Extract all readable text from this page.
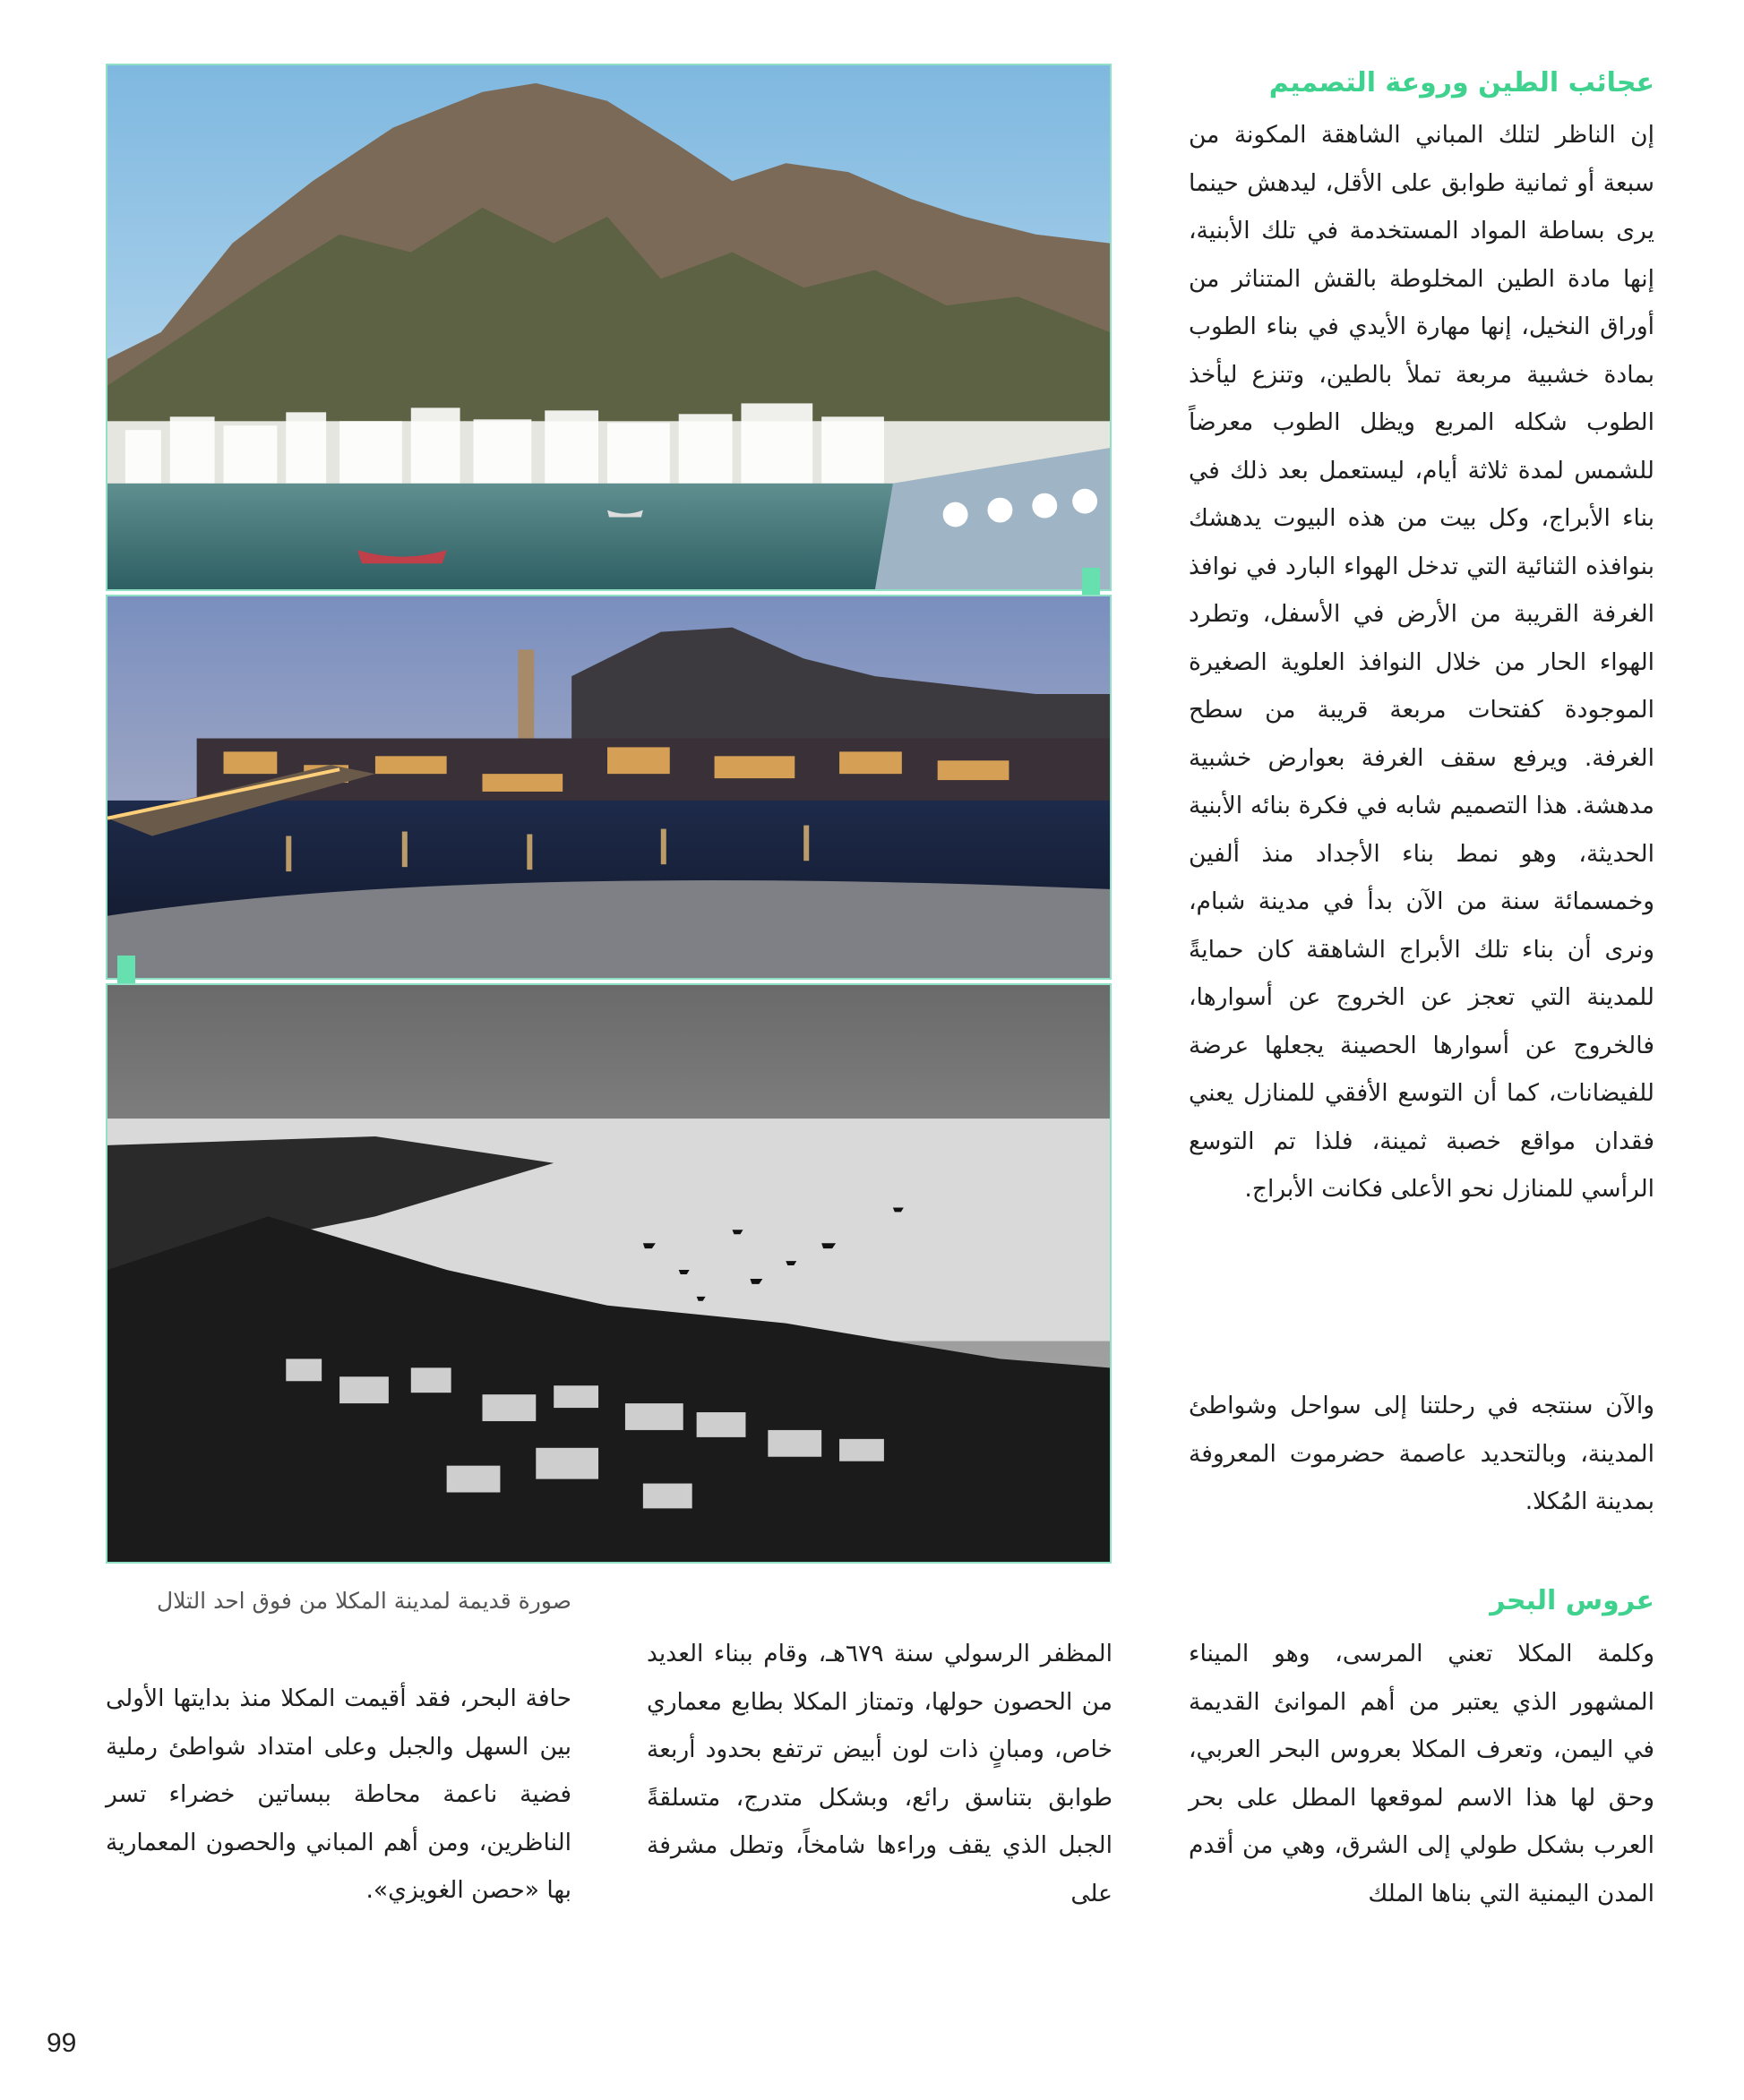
صورة قديمة لمدينة المكلا من فوق احد التلال
عجائب الطين وروعة التصميم
إن الناظر لتلك المباني الشاهقة المكونة من سبعة أو ثمانية طوابق على الأقل، ليدهش حينما يرى بساطة المواد المستخدمة في تلك الأبنية، إنها مادة الطين المخلوطة بالقش المتناثر من أوراق النخيل، إنها مهارة الأيدي في بناء الطوب بمادة خشبية مربعة تملأ بالطين، وتنزع ليأخذ الطوب شكله المربع ويظل الطوب معرضاً للشمس لمدة ثلاثة أيام، ليستعمل بعد ذلك في بناء الأبراج، وكل بيت من هذه البيوت يدهشك بنوافذه الثنائية التي تدخل الهواء البارد في نوافذ الغرفة القريبة من الأرض في الأسفل، وتطرد الهواء الحار من خلال النوافذ العلوية الصغيرة الموجودة كفتحات مربعة قريبة من سطح الغرفة. ويرفع سقف الغرفة بعوارض خشبية مدهشة. هذا التصميم شابه في فكرة بنائه الأبنية الحديثة، وهو نمط بناء الأجداد منذ ألفين وخمسمائة سنة من الآن بدأ في مدينة شبام، ونرى أن بناء تلك الأبراج الشاهقة كان حمايةً للمدينة التي تعجز عن الخروج عن أسوارها، فالخروج عن أسوارها الحصينة يجعلها عرضة للفيضانات، كما أن التوسع الأفقي للمنازل يعني فقدان مواقع خصبة ثمينة، فلذا تم التوسع الرأسي للمنازل نحو الأعلى فكانت الأبراج.
والآن سنتجه في رحلتنا إلى سواحل وشواطئ المدينة، وبالتحديد عاصمة حضرموت المعروفة بمدينة المُكلا.
عروس البحر
وكلمة المكلا تعني المرسى، وهو الميناء المشهور الذي يعتبر من أهم الموانئ القديمة في اليمن، وتعرف المكلا بعروس البحر العربي، وحق لها هذا الاسم لموقعها المطل على بحر العرب بشكل طولي إلى الشرق، وهي من أقدم المدن اليمنية التي بناها الملك
المظفر الرسولي سنة ٦٧٩هـ، وقام ببناء العديد من الحصون حولها، وتمتاز المكلا بطابع معماري خاص، ومبانٍ ذات لون أبيض ترتفع بحدود أربعة طوابق بتناسق رائع، وبشكل متدرج، متسلقةً الجبل الذي يقف وراءها شامخاً، وتطل مشرفة على
حافة البحر، فقد أقيمت المكلا منذ بدايتها الأولى بين السهل والجبل وعلى امتداد شواطئ رملية فضية ناعمة محاطة ببساتين خضراء تسر الناظرين، ومن أهم المباني والحصون المعمارية بها «حصن الغويزي».
99
